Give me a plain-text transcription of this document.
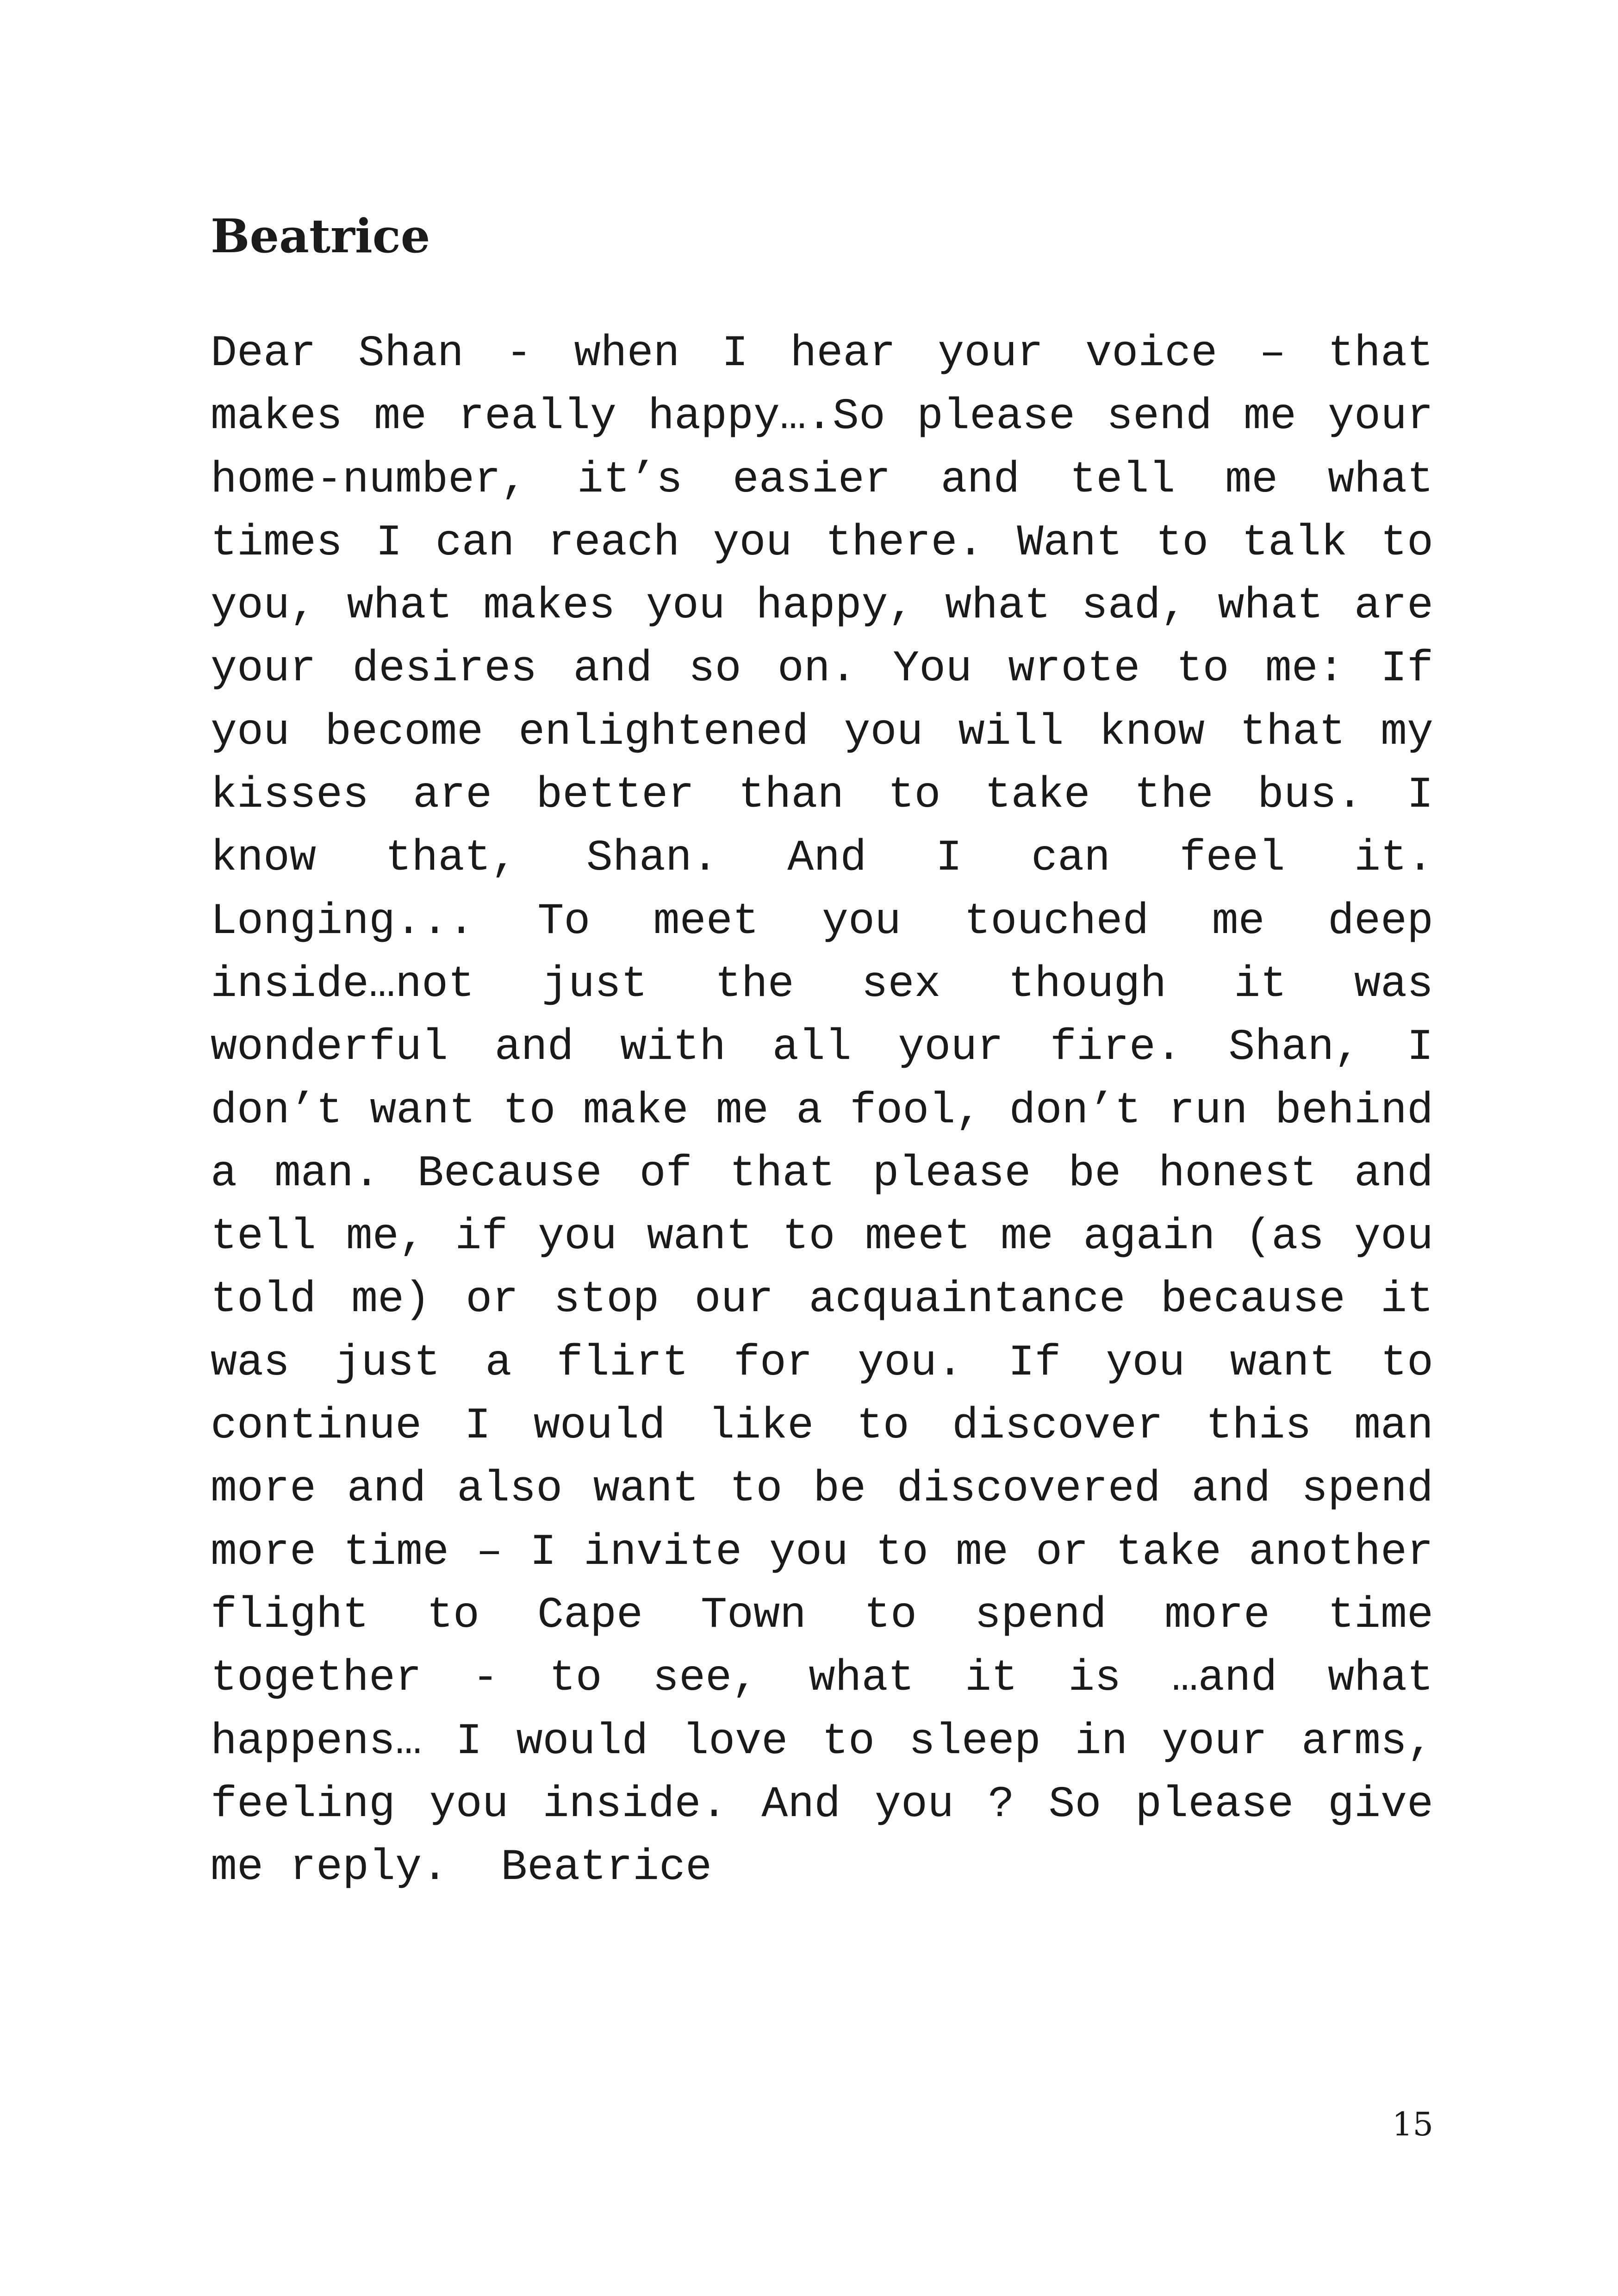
Beatrice
Dear Shan - when I hear your voice – that
makes me really happy….So please send me your
home-number, it’s easier and tell me what
times I can reach you there. Want to talk to
you, what makes you happy, what sad, what are
your desires and so on. You wrote to me: If
you become enlightened you will know that my
kisses are better than to take the bus. I
know that, Shan. And I can feel it.
Longing... To meet you touched me deep
inside…not just the sex though it was
wonderful and with all your fire. Shan, I
don’t want to make me a fool, don’t run behind
a man. Because of that please be honest and
tell me, if you want to meet me again (as you
told me) or stop our acquaintance because it
was just a flirt for you. If you want to
continue I would like to discover this man
more and also want to be discovered and spend
more time – I invite you to me or take another
flight to Cape Town to spend more time
together - to see, what it is …and what
happens… I would love to sleep in your arms,
feeling you inside. And you ? So please give
me reply.  Beatrice
15
